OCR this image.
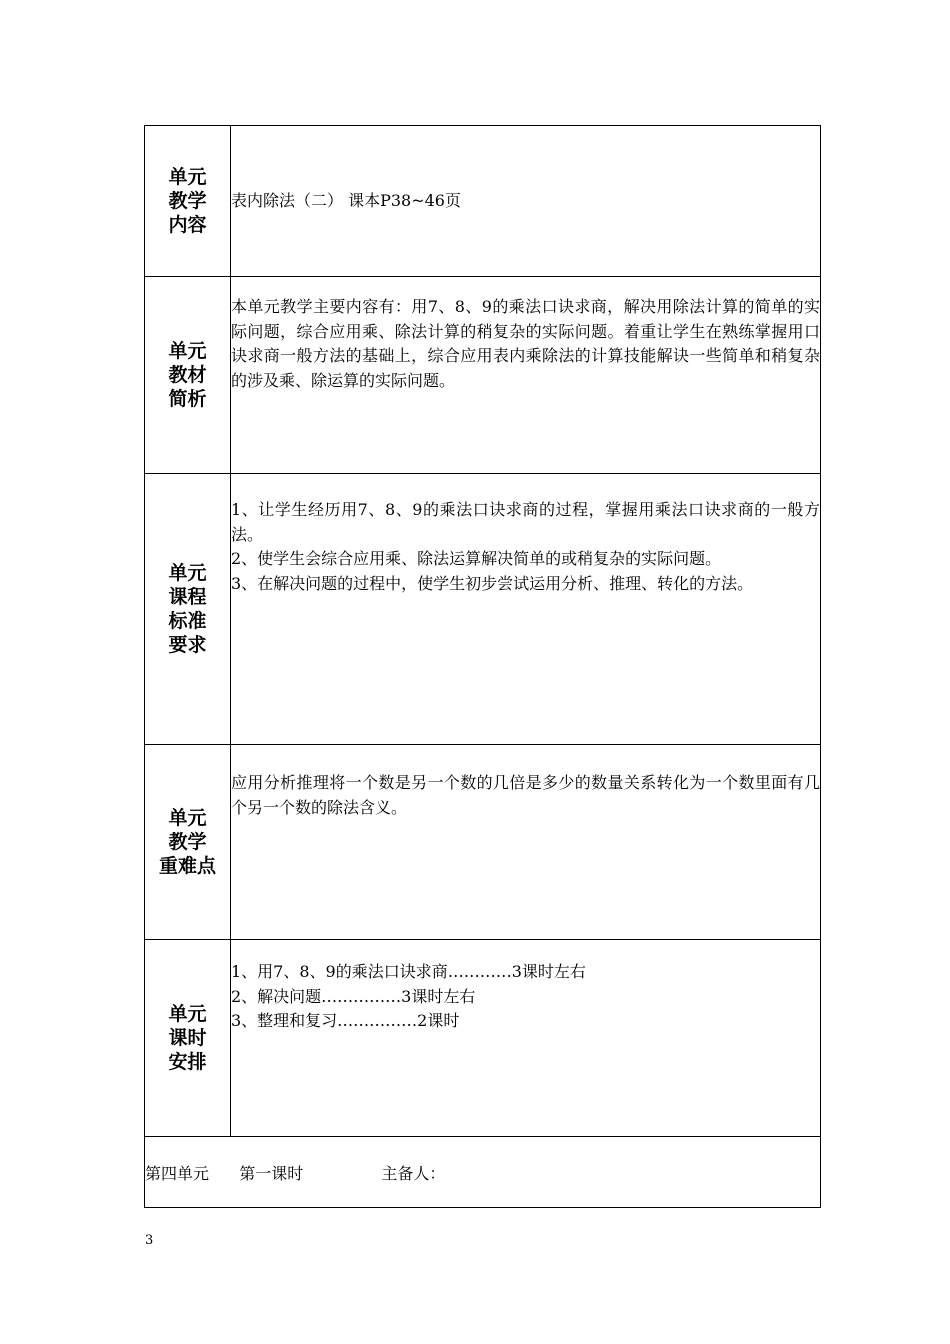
单元
教学
内容	表内除法（二） 课本P38~46页

单元
教材
简析	本单元教学主要内容有：用7、8、9的乘法口诀求商，解决用除法计算的简单的实际问题，综合应用乘、除法计算的稍复杂的实际问题。着重让学生在熟练掌握用口诀求商一般方法的基础上，综合应用表内乘除法的计算技能解诀一些简单和稍复杂的涉及乘、除运算的实际问题。

单元
课程
标准
要求	1、让学生经历用7、8、9的乘法口诀求商的过程，掌握用乘法口诀求商的一般方法。
2、使学生会综合应用乘、除法运算解决简单的或稍复杂的实际问题。
3、在解决问题的过程中，使学生初步尝试运用分析、推理、转化的方法。

单元
教学
重难点	应用分析推理将一个数是另一个数的几倍是多少的数量关系转化为一个数里面有几个另一个数的除法含义。

单元
课时
安排	1、用7、8、9的乘法口诀求商…………3课时左右
2、解决问题……………3课时左右
3、整理和复习……………2课时

第四单元 第一课时 主备人：	
3
